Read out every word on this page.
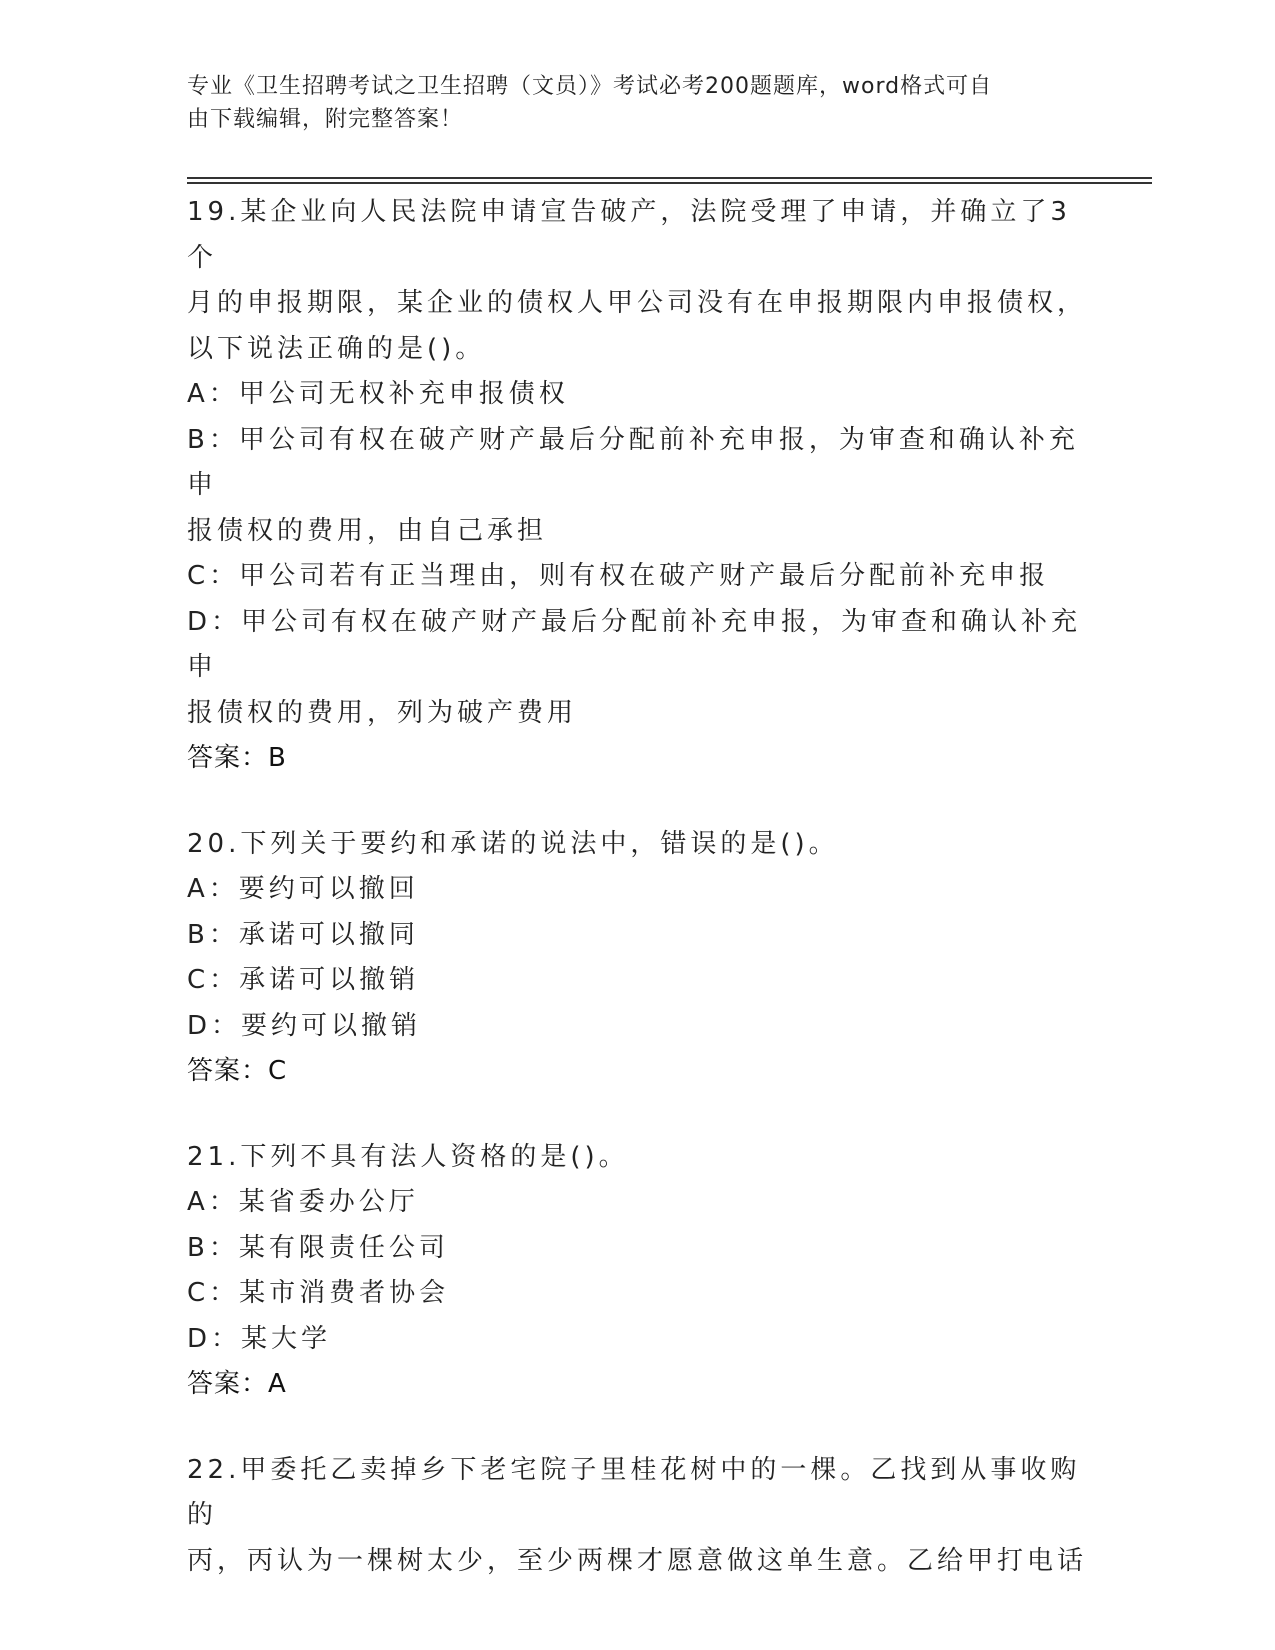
专业《卫生招聘考试之卫生招聘（文员）》考试必考200题题库，word格式可自
由下载编辑，附完整答案！
19.某企业向人民法院申请宣告破产，法院受理了申请，并确立了3个
月的申报期限，某企业的债权人甲公司没有在申报期限内申报债权，
以下说法正确的是()。
A：甲公司无权补充申报债权
B：甲公司有权在破产财产最后分配前补充申报，为审查和确认补充申
报债权的费用，由自己承担
C：甲公司若有正当理由，则有权在破产财产最后分配前补充申报
D：甲公司有权在破产财产最后分配前补充申报，为审查和确认补充申
报债权的费用，列为破产费用
答案：B
20.下列关于要约和承诺的说法中，错误的是()。
A：要约可以撤回
B：承诺可以撤同
C：承诺可以撤销
D：要约可以撤销
答案：C
21.下列不具有法人资格的是()。
A：某省委办公厅
B：某有限责任公司
C：某市消费者协会
D：某大学
答案：A
22.甲委托乙卖掉乡下老宅院子里桂花树中的一棵。乙找到从事收购的
丙，丙认为一棵树太少，至少两棵才愿意做这单生意。乙给甲打电话
